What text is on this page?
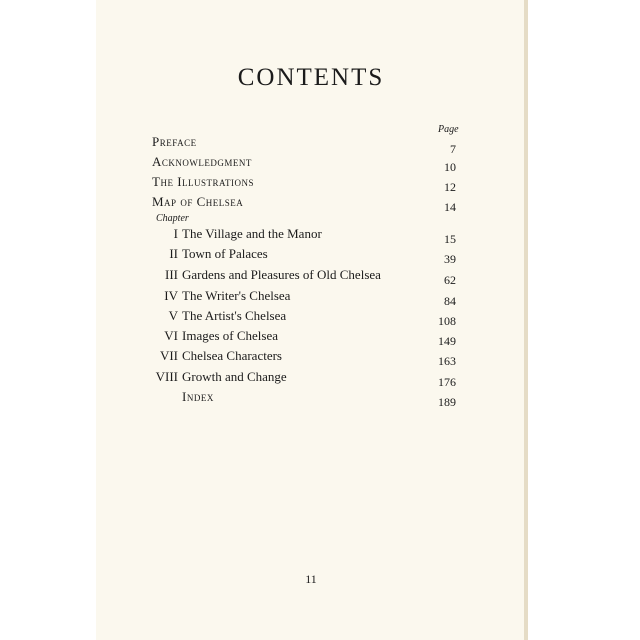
CONTENTS
Page
Preface	7
Acknowledgment	10
The Illustrations	12
Map of Chelsea	14
Chapter
I The Village and the Manor	15
II Town of Palaces	39
III Gardens and Pleasures of Old Chelsea	62
IV The Writer's Chelsea	84
V The Artist's Chelsea	108
VI Images of Chelsea	149
VII Chelsea Characters	163
VIII Growth and Change	176
Index	189
11
